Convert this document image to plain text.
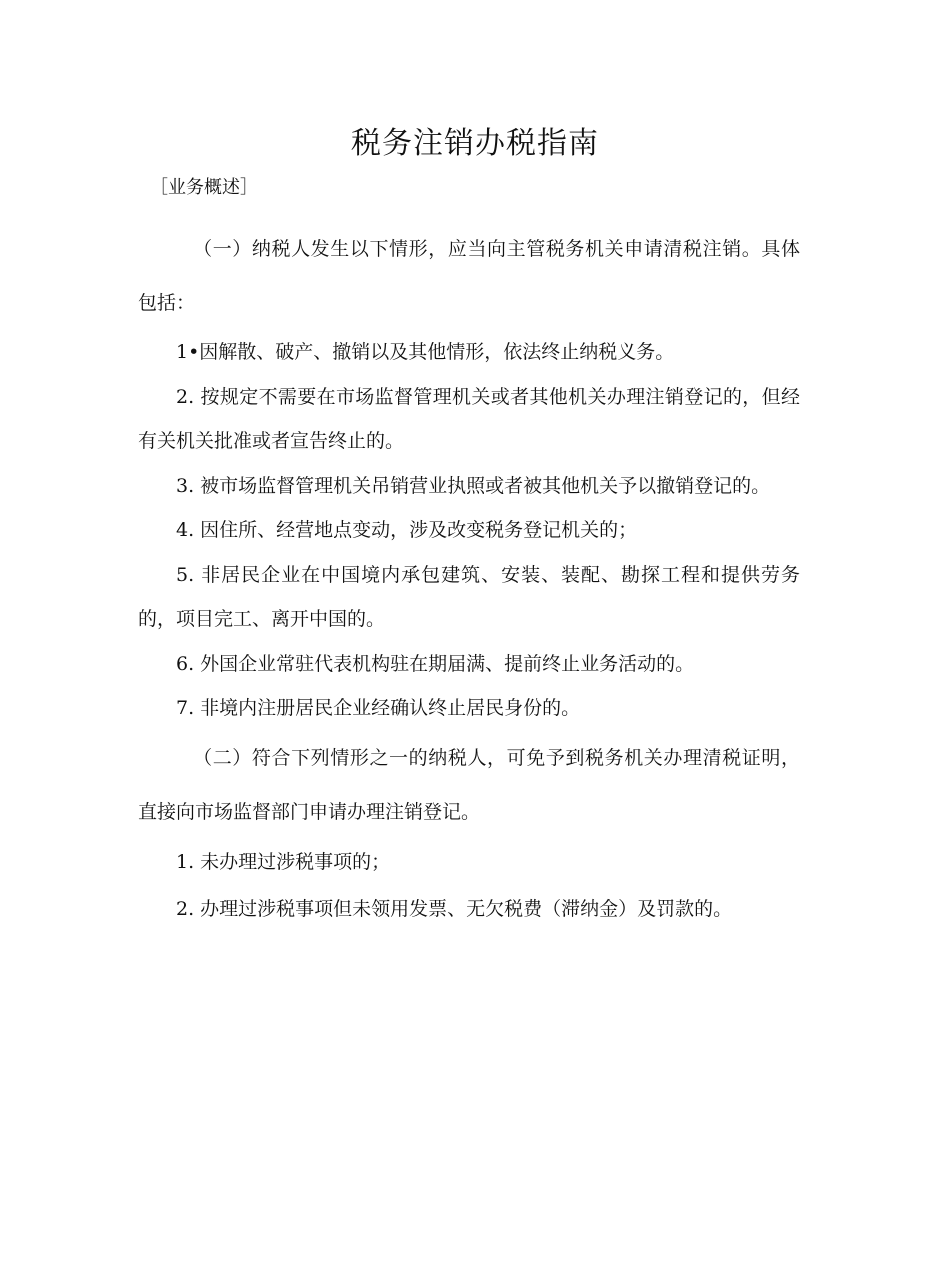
税务注销办税指南
［业务概述］

（一）纳税人发生以下情形，应当向主管税务机关申请清税注销。具体包括：

1•因解散、破产、撤销以及其他情形，依法终止纳税义务。

2. 按规定不需要在市场监督管理机关或者其他机关办理注销登记的，但经有关机关批准或者宣告终止的。

3. 被市场监督管理机关吊销营业执照或者被其他机关予以撤销登记的。

4. 因住所、经营地点变动，涉及改变税务登记机关的；

5. 非居民企业在中国境内承包建筑、安装、装配、勘探工程和提供劳务的，项目完工、离开中国的。

6. 外国企业常驻代表机构驻在期届满、提前终止业务活动的。

7. 非境内注册居民企业经确认终止居民身份的。

（二）符合下列情形之一的纳税人，可免予到税务机关办理清税证明，直接向市场监督部门申请办理注销登记。

1. 未办理过涉税事项的；

2. 办理过涉税事项但未领用发票、无欠税费（滞纳金）及罚款的。
